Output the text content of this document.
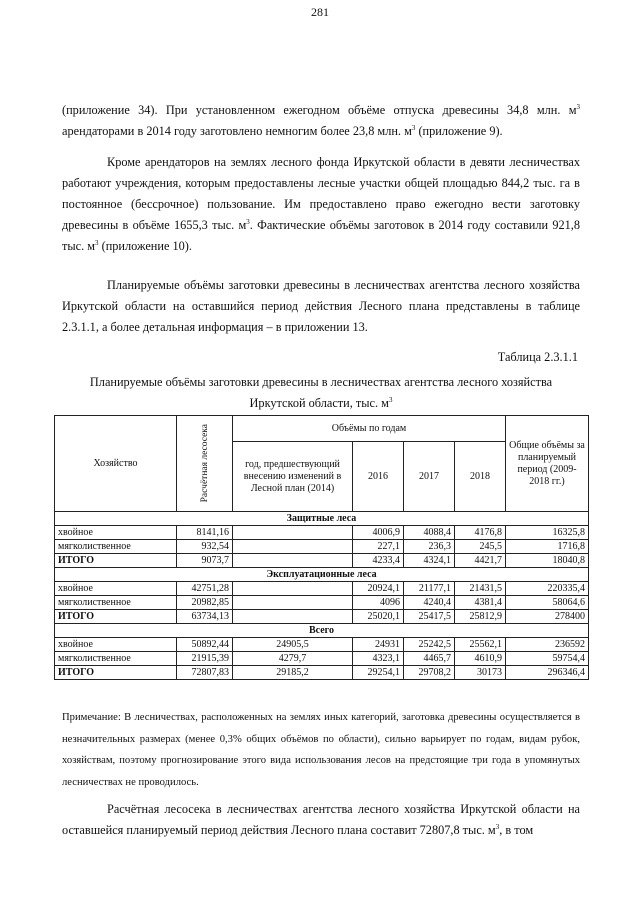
281

(приложение 34). При установленном ежегодном объёме отпуска древесины 34,8 млн. $м^3$ арендаторами в 2014 году заготовлено немногим более 23,8 млн. $м^3$ (приложение 9).

Кроме арендаторов на землях лесного фонда Иркутской области в девяти лесничествах работают учреждения, которым предоставлены лесные участки общей площадью 844,2 тыс. га в постоянное (бессрочное) пользование. Им предоставлено право ежегодно вести заготовку древесины в объёме 1655,3 тыс. $м^3$. Фактические объёмы заготовок в 2014 году составили 921,8 тыс. $м^3$ (приложение 10).

Планируемые объёмы заготовки древесины в лесничествах агентства лесного хозяйства Иркутской области на оставшийся период действия Лесного плана представлены в таблице 2.3.1.1, а более детальная информация – в приложении 13.

Таблица 2.3.1.1
Планируемые объёмы заготовки древесины в лесничествах агентства лесного хозяйства Иркутской области, тыс. $м^3$
Хозяйство	Расчётная лесосека	Объёмы по годам				Общие объёмы за планируемый период (2009-2018 гг.)
		год, предшествующий внесению изменений в Лесной план (2014)	2016	2017	2018	
Защитные леса						
хвойное	8141,16		4006,9	4088,4	4176,8	16325,8
мягколиственное	932,54		227,1	236,3	245,5	1716,8
ИТОГО	9073,7		4233,4	4324,1	4421,7	18040,8
Эксплуатационные леса						
хвойное	42751,28		20924,1	21177,1	21431,5	220335,4
мягколиственное	20982,85		4096	4240,4	4381,4	58064,6
ИТОГО	63734,13		25020,1	25417,5	25812,9	278400
Всего						
хвойное	50892,44	24905,5	24931	25242,5	25562,1	236592
мягколиственное	21915,39	4279,7	4323,1	4465,7	4610,9	59754,4
ИТОГО	72807,83	29185,2	29254,1	29708,2	30173	296346,4

Примечание: В лесничествах, расположенных на землях иных категорий, заготовка древесины осуществляется в незначительных размерах (менее 0,3% общих объёмов по области), сильно варьирует по годам, видам рубок, хозяйствам, поэтому прогнозирование этого вида использования лесов на предстоящие три года в упомянутых лесничествах не проводилось.

Расчётная лесосека в лесничествах агентства лесного хозяйства Иркутской области на оставшейся планируемый период действия Лесного плана составит 72807,8 тыс. $м^3$, в том
